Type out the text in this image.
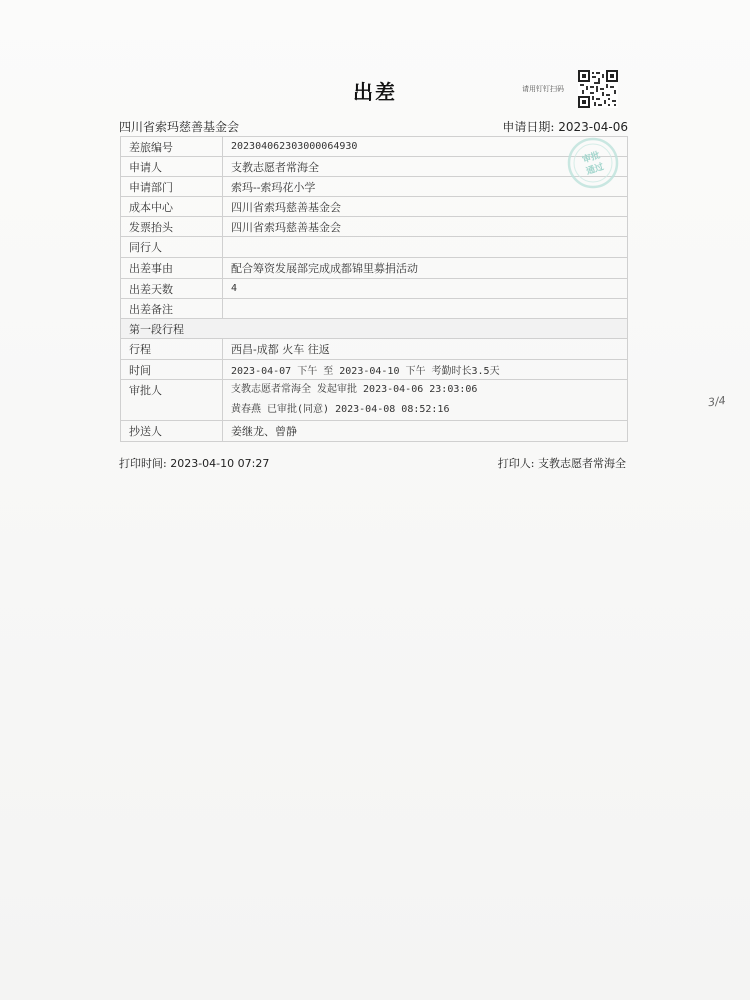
出差	请用钉钉扫码
四川省索玛慈善基金会	申请日期: 2023-04-06
差旅编号	202304062303000064930
申请人	支教志愿者常海全
申请部门	索玛--索玛花小学
成本中心	四川省索玛慈善基金会
发票抬头	四川省索玛慈善基金会
同行人	
出差事由	配合筹资发展部完成成都锦里募捐活动
出差天数	4
出差备注	
第一段行程	
行程	西昌-成都 火车 往返
时间	2023-04-07 下午 至 2023-04-10 下午 考勤时长3.5天
审批人	支教志愿者常海全 发起审批 2023-04-06 23:03:06
黄春燕 已审批(同意) 2023-04-08 08:52:16

抄送人	姜继龙、曾静
审批
通过
打印时间: 2023-04-10 07:27	打印人: 支教志愿者常海全
3/4
